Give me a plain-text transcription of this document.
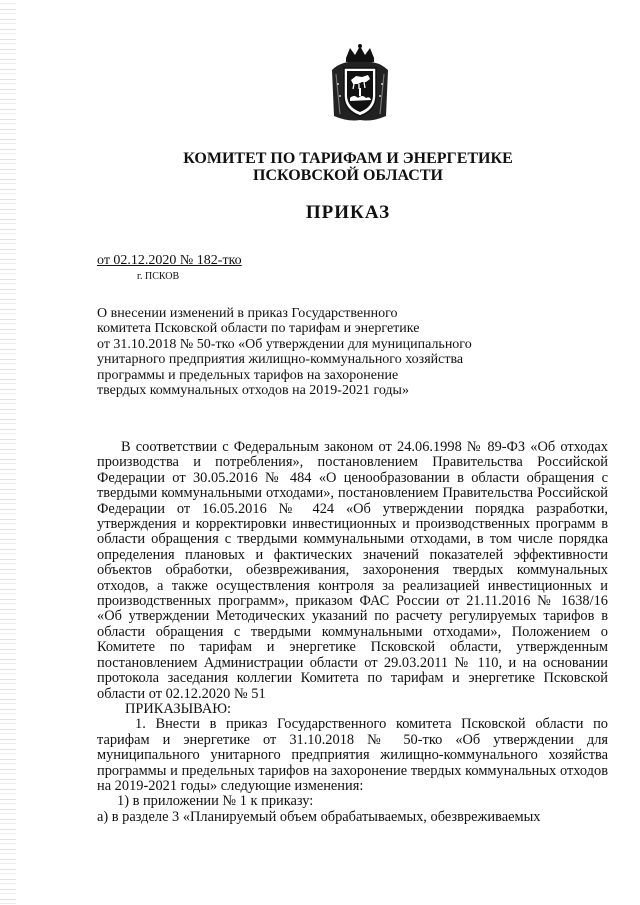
КОМИТЕТ ПО ТАРИФАМ И ЭНЕРГЕТИКЕ
ПСКОВСКОЙ ОБЛАСТИ
ПРИКАЗ
от 02.12.2020 № 182-тко
г. ПСКОВ
О внесении изменений в приказ Государственного
комитета Псковской области по тарифам и энергетике
от 31.10.2018 № 50-тко «Об утверждении для муниципального
унитарного предприятия жилищно-коммунального хозяйства
программы и предельных тарифов на захоронение
твердых коммунальных отходов на 2019-2021 годы»

В соответствии с Федеральным законом от 24.06.1998 № 89-ФЗ «Об отходах производства и потребления», постановлением Правительства Российской Федерации от 30.05.2016 № 484 «О ценообразовании в области обращения с твердыми коммунальными отходами», постановлением Правительства Российской Федерации от 16.05.2016 № 424 «Об утверждении порядка разработки, утверждения и корректировки инвестиционных и производственных программ в области обращения с твердыми коммунальными отходами, в том числе порядка определения плановых и фактических значений показателей эффективности объектов обработки, обезвреживания, захоронения твердых коммунальных отходов, а также осуществления контроля за реализацией инвестиционных и производственных программ», приказом ФАС России от 21.11.2016 № 1638/16 «Об утверждении Методических указаний по расчету регулируемых тарифов в области обращения с твердыми коммунальными отходами», Положением о Комитете по тарифам и энергетике Псковской области, утвержденным постановлением Администрации области от 29.03.2011 № 110, и на основании протокола заседания коллегии Комитета по тарифам и энергетике Псковской области от 02.12.2020 № 51

ПРИКАЗЫВАЮ:

1. Внести в приказ Государственного комитета Псковской области по тарифам и энергетике от 31.10.2018 № 50-тко «Об утверждении для муниципального унитарного предприятия жилищно-коммунального хозяйства программы и предельных тарифов на захоронение твердых коммунальных отходов на 2019-2021 годы» следующие изменения:

1) в приложении № 1 к приказу:

а) в разделе 3 «Планируемый объем обрабатываемых, обезвреживаемых
